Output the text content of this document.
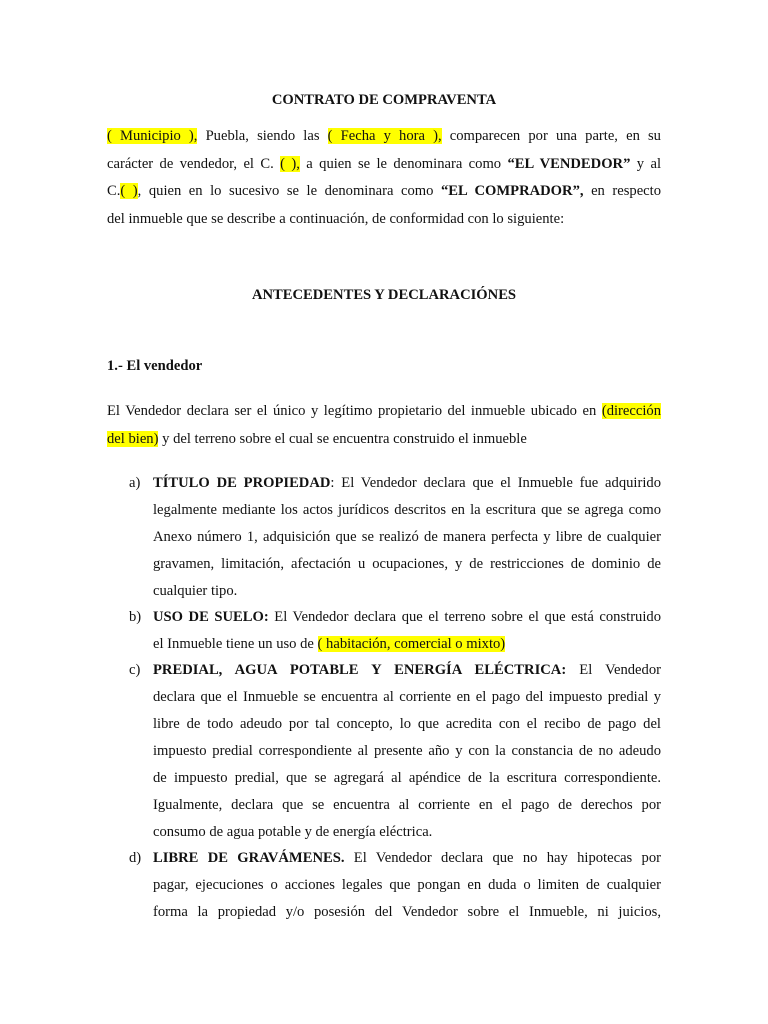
CONTRATO DE COMPRAVENTA
( Municipio ), Puebla, siendo las ( Fecha y hora ), comparecen por una parte, en su
carácter de vendedor, el C. ( ), a quien se le denominara como “EL VENDEDOR” y al
C.( ), quien en lo sucesivo se le denominara como “EL COMPRADOR”, en respecto
del inmueble que se describe a continuación, de conformidad con lo siguiente:
ANTECEDENTES Y DECLARACIÓNES
1.- El vendedor
El Vendedor declara ser el único y legítimo propietario del inmueble ubicado en (dirección
del bien) y del terreno sobre el cual se encuentra construido el inmueble
a) TÍTULO DE PROPIEDAD: El Vendedor declara que el Inmueble fue adquirido
legalmente mediante los actos jurídicos descritos en la escritura que se agrega como
Anexo número 1, adquisición que se realizó de manera perfecta y libre de cualquier
gravamen, limitación, afectación u ocupaciones, y de restricciones de dominio de
cualquier tipo.
b) USO DE SUELO: El Vendedor declara que el terreno sobre el que está construido
el Inmueble tiene un uso de ( habitación, comercial o mixto)
c) PREDIAL, AGUA POTABLE Y ENERGÍA ELÉCTRICA: El Vendedor
declara que el Inmueble se encuentra al corriente en el pago del impuesto predial y
libre de todo adeudo por tal concepto, lo que acredita con el recibo de pago del
impuesto predial correspondiente al presente año y con la constancia de no adeudo
de impuesto predial, que se agregará al apéndice de la escritura correspondiente.
Igualmente, declara que se encuentra al corriente en el pago de derechos por
consumo de agua potable y de energía eléctrica.
d) LIBRE DE GRAVÁMENES. El Vendedor declara que no hay hipotecas por
pagar, ejecuciones o acciones legales que pongan en duda o limiten de cualquier
forma la propiedad y/o posesión del Vendedor sobre el Inmueble, ni juicios,
